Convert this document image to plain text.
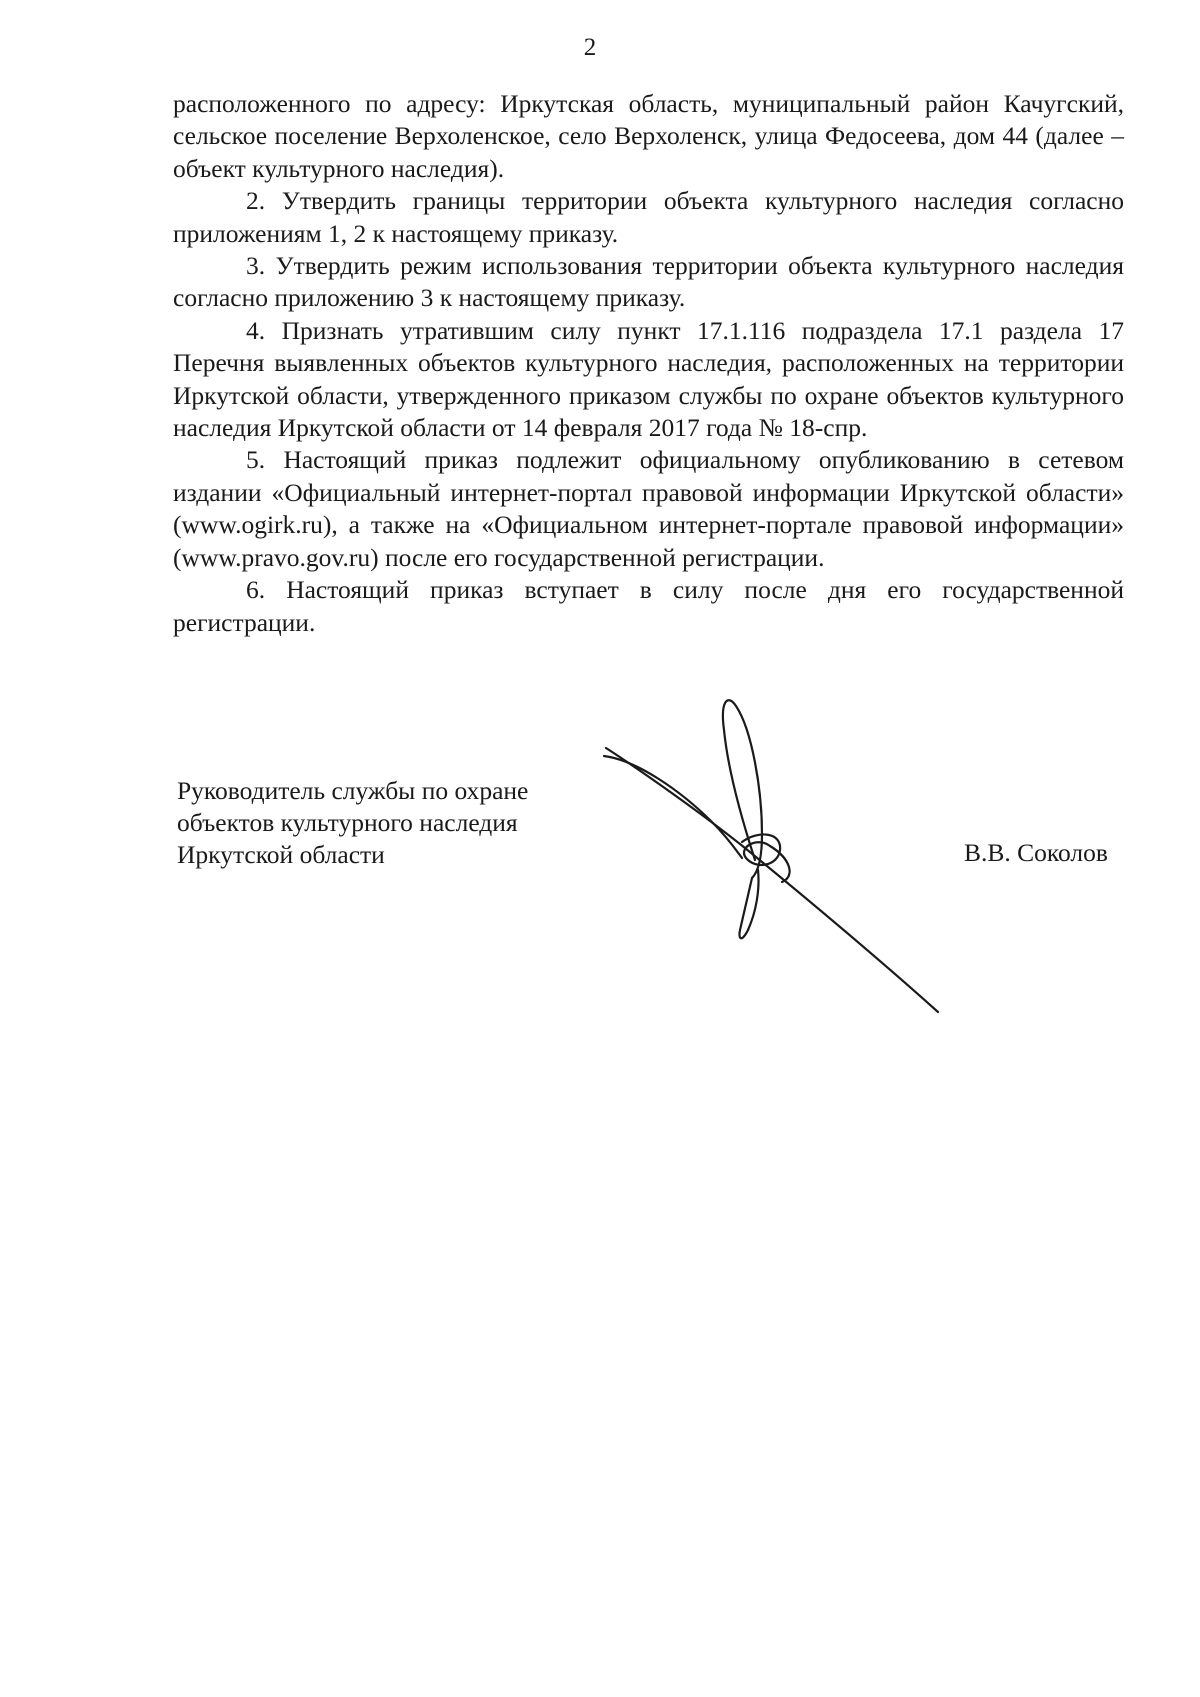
2

расположенного по адресу: Иркутская область, муниципальный район Качугский, сельское поселение Верхоленское, село Верхоленск, улица Федосеева, дом 44 (далее – объект культурного наследия).

2. Утвердить границы территории объекта культурного наследия согласно приложениям 1, 2 к настоящему приказу.

3. Утвердить режим использования территории объекта культурного наследия согласно приложению 3 к настоящему приказу.

4. Признать утратившим силу пункт 17.1.116 подраздела 17.1 раздела 17 Перечня выявленных объектов культурного наследия, расположенных на территории Иркутской области, утвержденного приказом службы по охране объектов культурного наследия Иркутской области от 14 февраля 2017 года № 18-спр.

5. Настоящий приказ подлежит официальному опубликованию в сетевом издании «Официальный интернет-портал правовой информации Иркутской области» (www.ogirk.ru), а также на «Официальном интернет-портале правовой информации» (www.pravo.gov.ru) после его государственной регистрации.

6. Настоящий приказ вступает в силу после дня его государственной регистрации.

Руководитель службы по охране
объектов культурного наследия
Иркутской области	В.В. Соколов
